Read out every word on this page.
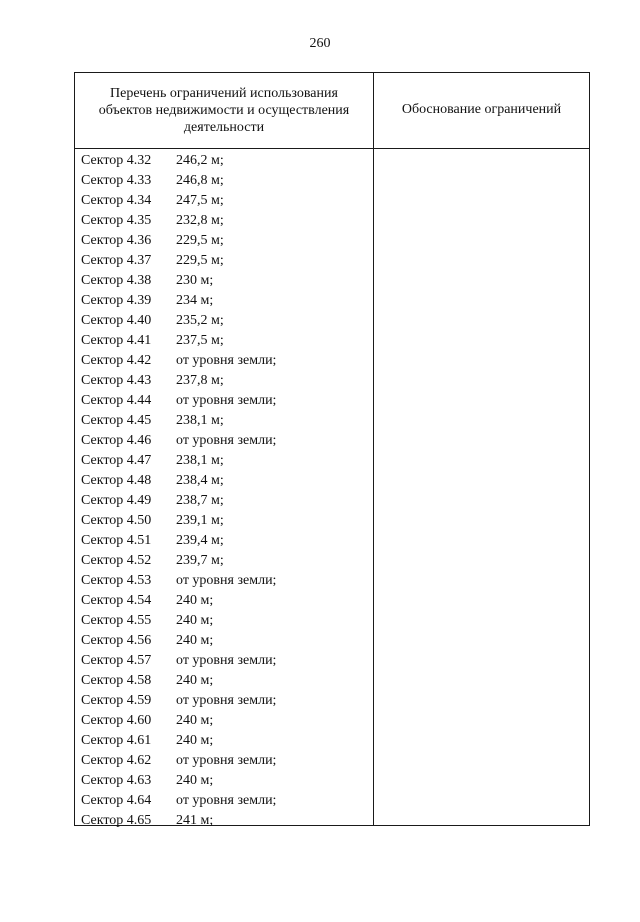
260
Перечень ограничений использования
объектов недвижимости и осуществления
деятельности
Обоснование ограничений
Сектор 4.32 246,2 м;
Сектор 4.33 246,8 м;
Сектор 4.34 247,5 м;
Сектор 4.35 232,8 м;
Сектор 4.36 229,5 м;
Сектор 4.37 229,5 м;
Сектор 4.38 230 м;
Сектор 4.39 234 м;
Сектор 4.40 235,2 м;
Сектор 4.41 237,5 м;
Сектор 4.42 от уровня земли;
Сектор 4.43 237,8 м;
Сектор 4.44 от уровня земли;
Сектор 4.45 238,1 м;
Сектор 4.46 от уровня земли;
Сектор 4.47 238,1 м;
Сектор 4.48 238,4 м;
Сектор 4.49 238,7 м;
Сектор 4.50 239,1 м;
Сектор 4.51 239,4 м;
Сектор 4.52 239,7 м;
Сектор 4.53 от уровня земли;
Сектор 4.54 240 м;
Сектор 4.55 240 м;
Сектор 4.56 240 м;
Сектор 4.57 от уровня земли;
Сектор 4.58 240 м;
Сектор 4.59 от уровня земли;
Сектор 4.60 240 м;
Сектор 4.61 240 м;
Сектор 4.62 от уровня земли;
Сектор 4.63 240 м;
Сектор 4.64 от уровня земли;
Сектор 4.65 241 м;
